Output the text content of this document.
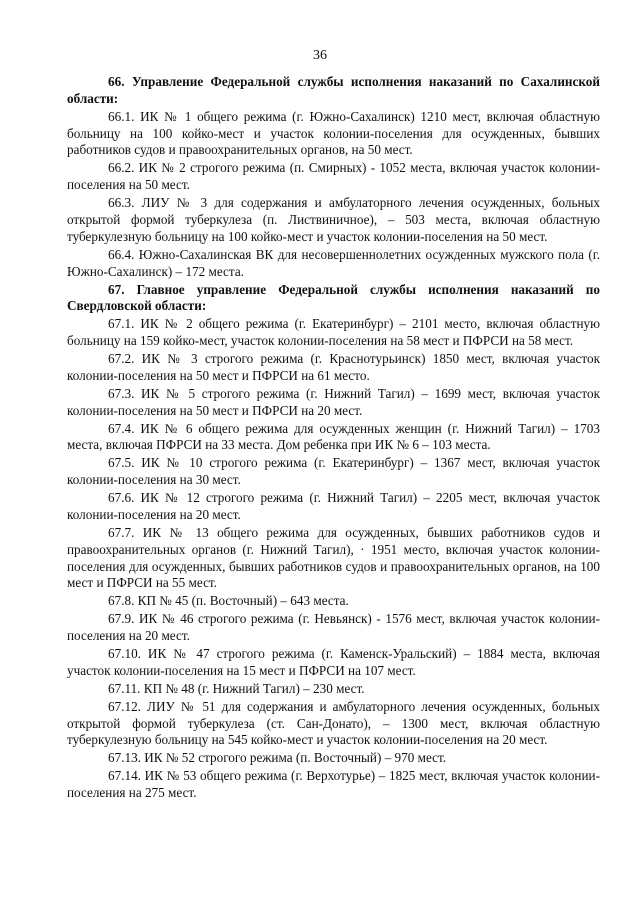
36

66. Управление Федеральной службы исполнения наказаний по Сахалинской области:

66.1. ИК № 1 общего режима (г. Южно-Сахалинск) 1210 мест, включая областную больницу на 100 койко-мест и участок колонии-поселения для осужденных, бывших работников судов и правоохранительных органов, на 50 мест.

66.2. ИК № 2 строгого режима (п. Смирных) - 1052 места, включая участок колонии-поселения на 50 мест.

66.3. ЛИУ № 3 для содержания и амбулаторного лечения осужденных, больных открытой формой туберкулеза (п. Листвиничное), – 503 места, включая областную туберкулезную больницу на 100 койко-мест и участок колонии-поселения на 50 мест.

66.4. Южно-Сахалинская ВК для несовершеннолетних осужденных мужского пола (г. Южно-Сахалинск) – 172 места.

67. Главное управление Федеральной службы исполнения наказаний по Свердловской области:

67.1. ИК № 2 общего режима (г. Екатеринбург) – 2101 место, включая областную больницу на 159 койко-мест, участок колонии-поселения на 58 мест и ПФРСИ на 58 мест.

67.2. ИК № 3 строгого режима (г. Краснотурьинск) 1850 мест, включая участок колонии-поселения на 50 мест и ПФРСИ на 61 место.

67.3. ИК № 5 строгого режима (г. Нижний Тагил) – 1699 мест, включая участок колонии-поселения на 50 мест и ПФРСИ на 20 мест.

67.4. ИК № 6 общего режима для осужденных женщин (г. Нижний Тагил) – 1703 места, включая ПФРСИ на 33 места. Дом ребенка при ИК № 6 – 103 места.

67.5. ИК № 10 строгого режима (г. Екатеринбург) – 1367 мест, включая участок колонии-поселения на 30 мест.

67.6. ИК № 12 строгого режима (г. Нижний Тагил) – 2205 мест, включая участок колонии-поселения на 20 мест.

67.7. ИК № 13 общего режима для осужденных, бывших работников судов и правоохранительных органов (г. Нижний Тагил), · 1951 место, включая участок колонии-поселения для осужденных, бывших работников судов и правоохранительных органов, на 100 мест и ПФРСИ на 55 мест.

67.8. КП № 45 (п. Восточный) – 643 места.

67.9. ИК № 46 строгого режима (г. Невьянск) - 1576 мест, включая участок колонии-поселения на 20 мест.

67.10. ИК № 47 строгого режима (г. Каменск-Уральский) – 1884 места, включая участок колонии-поселения на 15 мест и ПФРСИ на 107 мест.

67.11. КП № 48 (г. Нижний Тагил) – 230 мест.

67.12. ЛИУ № 51 для содержания и амбулаторного лечения осужденных, больных открытой формой туберкулеза (ст. Сан-Донато), – 1300 мест, включая областную туберкулезную больницу на 545 койко-мест и участок колонии-поселения на 20 мест.

67.13. ИК № 52 строгого режима (п. Восточный) – 970 мест.

67.14. ИК № 53 общего режима (г. Верхотурье) – 1825 мест, включая участок колонии-поселения на 275 мест.
